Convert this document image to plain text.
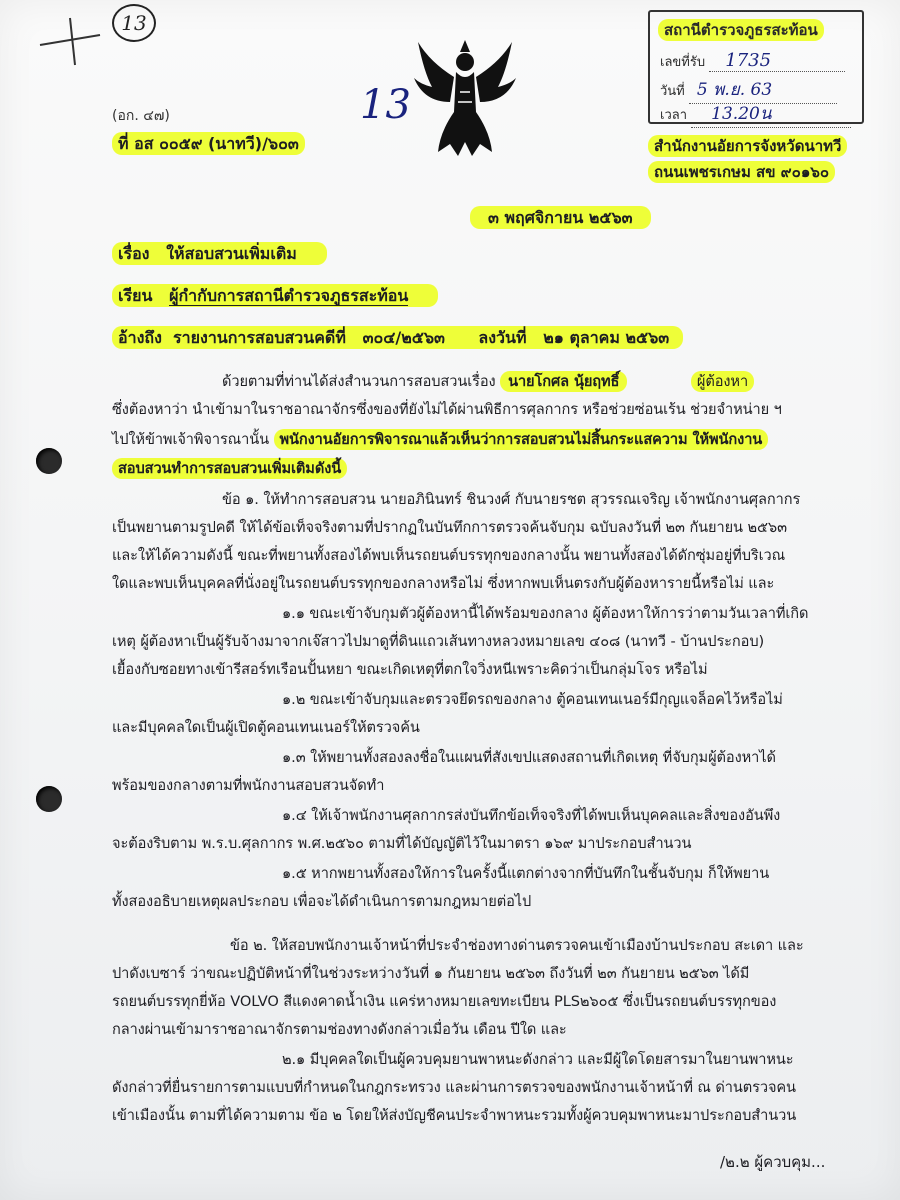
13
(อก. ๔๗)	13
สถานีตำรวจภูธรสะท้อน
เลขที่รับ 1735
วันที่ 5 พ.ย. 63
เวลา 13.20น
ที่ อส ๐๐๕๙ (นาทวี)/๖๐๓	สำนักงานอัยการจังหวัดนาทวี
ถนนเพชรเกษม สข ๙๐๑๖๐
๓ พฤศจิกายน ๒๕๖๓
เรื่อง ให้สอบสวนเพิ่มเติม
เรียน ผู้กำกับการสถานีตำรวจภูธรสะท้อน
อ้างถึง รายงานการสอบสวนคดีที่ ๓๐๔/๒๕๖๓ ลงวันที่ ๒๑ ตุลาคม ๒๕๖๓
ด้วยตามที่ท่านได้ส่งสำนวนการสอบสวนเรื่อง นายโกศล นุ้ยฤทธิ์	ผู้ต้องหา
ซึ่งต้องหาว่า นำเข้ามาในราชอาณาจักรซึ่งของที่ยังไม่ได้ผ่านพิธีการศุลกากร หรือช่วยซ่อนเร้น ช่วยจำหน่าย ฯ
ไปให้ข้าพเจ้าพิจารณานั้น พนักงานอัยการพิจารณาแล้วเห็นว่าการสอบสวนไม่สิ้นกระแสความ ให้พนักงาน
สอบสวนทำการสอบสวนเพิ่มเติมดังนี้
ข้อ ๑. ให้ทำการสอบสวน นายอภินินทร์ ชินวงศ์ กับนายรชต สุวรรณเจริญ เจ้าพนักงานศุลกากร
เป็นพยานตามรูปคดี ให้ได้ข้อเท็จจริงตามที่ปรากฏในบันทึกการตรวจค้นจับกุม ฉบับลงวันที่ ๒๓ กันยายน ๒๕๖๓
และให้ได้ความดังนี้ ขณะที่พยานทั้งสองได้พบเห็นรถยนต์บรรทุกของกลางนั้น พยานทั้งสองได้ดักซุ่มอยู่ที่บริเวณ
ใดและพบเห็นบุคคลที่นั่งอยู่ในรถยนต์บรรทุกของกลางหรือไม่ ซึ่งหากพบเห็นตรงกับผู้ต้องหารายนี้หรือไม่ และ
๑.๑ ขณะเข้าจับกุมตัวผู้ต้องหานี้ได้พร้อมของกลาง ผู้ต้องหาให้การว่าตามวันเวลาที่เกิด
เหตุ ผู้ต้องหาเป็นผู้รับจ้างมาจากเจ๊สาวไปมาดูที่ดินแถวเส้นทางหลวงหมายเลข ๔๐๘ (นาทวี - บ้านประกอบ)
เยื้องกับซอยทางเข้ารีสอร์ทเรือนปั้นหยา ขณะเกิดเหตุที่ตกใจวิ่งหนีเพราะคิดว่าเป็นกลุ่มโจร หรือไม่
๑.๒ ขณะเข้าจับกุมและตรวจยึดรถของกลาง ตู้คอนเทนเนอร์มีกุญแจล็อคไว้หรือไม่
และมีบุคคลใดเป็นผู้เปิดตู้คอนเทนเนอร์ให้ตรวจค้น
๑.๓ ให้พยานทั้งสองลงชื่อในแผนที่สังเขปแสดงสถานที่เกิดเหตุ ที่จับกุมผู้ต้องหาได้
พร้อมของกลางตามที่พนักงานสอบสวนจัดทำ
๑.๔ ให้เจ้าพนักงานศุลกากรส่งบันทึกข้อเท็จจริงที่ได้พบเห็นบุคคลและสิ่งของอันพึง
จะต้องริบตาม พ.ร.บ.ศุลกากร พ.ศ.๒๕๖๐ ตามที่ได้บัญญัติไว้ในมาตรา ๑๖๙ มาประกอบสำนวน
๑.๕ หากพยานทั้งสองให้การในครั้งนี้แตกต่างจากที่บันทึกในชั้นจับกุม ก็ให้พยาน
ทั้งสองอธิบายเหตุผลประกอบ เพื่อจะได้ดำเนินการตามกฎหมายต่อไป
ข้อ ๒. ให้สอบพนักงานเจ้าหน้าที่ประจำช่องทางด่านตรวจคนเข้าเมืองบ้านประกอบ สะเดา และ
ปาดังเบซาร์ ว่าขณะปฏิบัติหน้าที่ในช่วงระหว่างวันที่ ๑ กันยายน ๒๕๖๓ ถึงวันที่ ๒๓ กันยายน ๒๕๖๓ ได้มี
รถยนต์บรรทุกยี่ห้อ VOLVO สีแดงคาดน้ำเงิน แคร่หางหมายเลขทะเบียน PLS๒๖๐๕ ซึ่งเป็นรถยนต์บรรทุกของ
กลางผ่านเข้ามาราชอาณาจักรตามช่องทางดังกล่าวเมื่อวัน เดือน ปีใด และ
๒.๑ มีบุคคลใดเป็นผู้ควบคุมยานพาหนะดังกล่าว และมีผู้ใดโดยสารมาในยานพาหนะ
ดังกล่าวที่ยื่นรายการตามแบบที่กำหนดในกฎกระทรวง และผ่านการตรวจของพนักงานเจ้าหน้าที่ ณ ด่านตรวจคน
เข้าเมืองนั้น ตามที่ได้ความตาม ข้อ ๒ โดยให้ส่งบัญชีคนประจำพาหนะรวมทั้งผู้ควบคุมพาหนะมาประกอบสำนวน
/๒.๒ ผู้ควบคุม...
